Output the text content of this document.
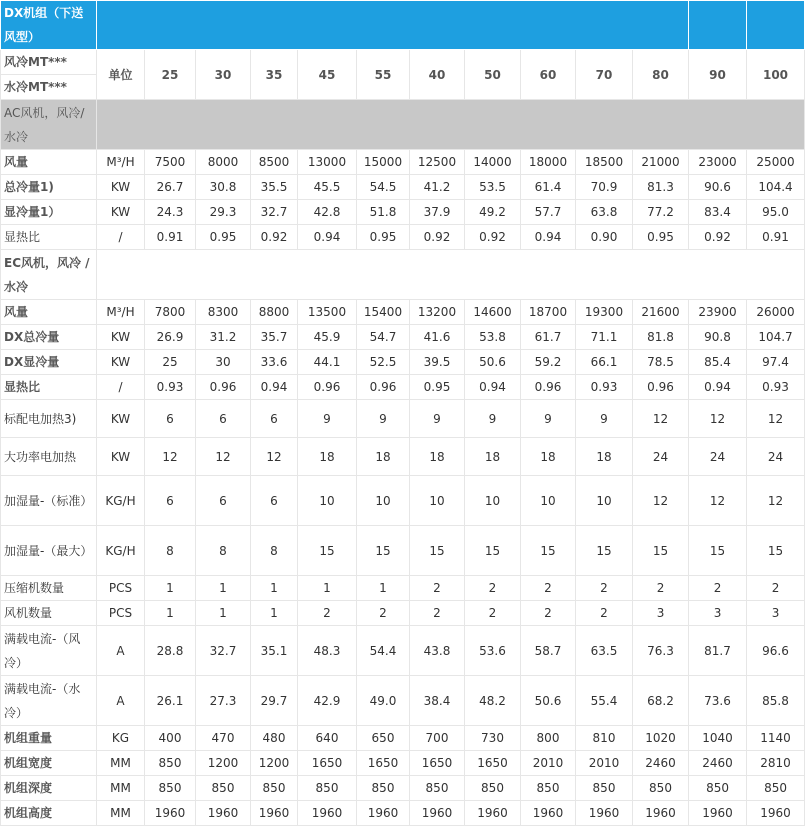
DX机组（下送风型）													

风冷MT***
水冷MT***	单位	25	30	35	45	55	40	50	60	70	80	90	100
AC风机，风冷/水冷													
风量	M³/H	7500	8000	8500	13000	15000	12500	14000	18000	18500	21000	23000	25000
总冷量1)	KW	26.7	30.8	35.5	45.5	54.5	41.2	53.5	61.4	70.9	81.3	90.6	104.4
显冷量1）	KW	24.3	29.3	32.7	42.8	51.8	37.9	49.2	57.7	63.8	77.2	83.4	95.0
显热比	/	0.91	0.95	0.92	0.94	0.95	0.92	0.92	0.94	0.90	0.95	0.92	0.91
EC风机，风冷 / 水冷													
风量	M³/H	7800	8300	8800	13500	15400	13200	14600	18700	19300	21600	23900	26000
DX总冷量	KW	26.9	31.2	35.7	45.9	54.7	41.6	53.8	61.7	71.1	81.8	90.8	104.7
DX显冷量	KW	25	30	33.6	44.1	52.5	39.5	50.6	59.2	66.1	78.5	85.4	97.4
显热比	/	0.93	0.96	0.94	0.96	0.96	0.95	0.94	0.96	0.93	0.96	0.94	0.93
标配电加热3)	KW	6	6	6	9	9	9	9	9	9	12	12	12
大功率电加热	KW	12	12	12	18	18	18	18	18	18	24	24	24
加湿量-（标准）	KG/H	6	6	6	10	10	10	10	10	10	12	12	12
加湿量-（最大）	KG/H	8	8	8	15	15	15	15	15	15	15	15	15
压缩机数量	PCS	1	1	1	1	1	2	2	2	2	2	2	2
风机数量	PCS	1	1	1	2	2	2	2	2	2	3	3	3
满载电流-（风冷）	A	28.8	32.7	35.1	48.3	54.4	43.8	53.6	58.7	63.5	76.3	81.7	96.6
满载电流-（水冷）	A	26.1	27.3	29.7	42.9	49.0	38.4	48.2	50.6	55.4	68.2	73.6	85.8
机组重量	KG	400	470	480	640	650	700	730	800	810	1020	1040	1140
机组宽度	MM	850	1200	1200	1650	1650	1650	1650	2010	2010	2460	2460	2810
机组深度	MM	850	850	850	850	850	850	850	850	850	850	850	850
机组高度	MM	1960	1960	1960	1960	1960	1960	1960	1960	1960	1960	1960	1960
